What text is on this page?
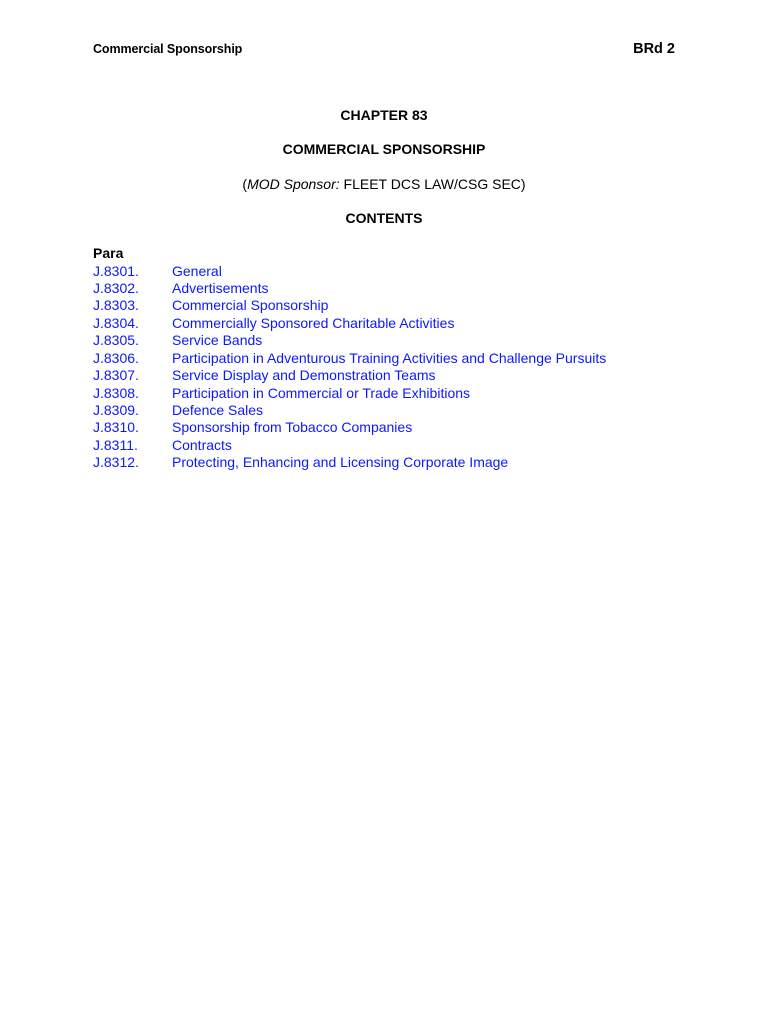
Commercial Sponsorship	BRd 2
CHAPTER 83
COMMERCIAL SPONSORSHIP
(MOD Sponsor: FLEET DCS LAW/CSG SEC)
CONTENTS
Para
J.8301. General
J.8302. Advertisements
J.8303. Commercial Sponsorship
J.8304. Commercially Sponsored Charitable Activities
J.8305. Service Bands
J.8306. Participation in Adventurous Training Activities and Challenge Pursuits
J.8307. Service Display and Demonstration Teams
J.8308. Participation in Commercial or Trade Exhibitions
J.8309. Defence Sales
J.8310. Sponsorship from Tobacco Companies
J.8311. Contracts
J.8312. Protecting, Enhancing and Licensing Corporate Image
